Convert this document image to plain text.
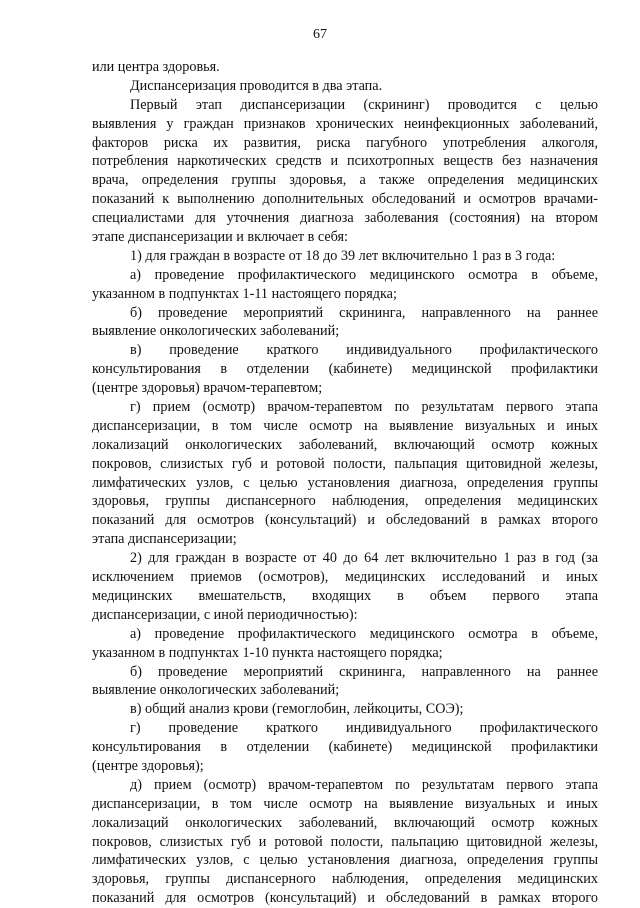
67
или центра здоровья.
Диспансеризация проводится в два этапа.
Первый этап диспансеризации (скрининг) проводится с целью
выявления у граждан признаков хронических неинфекционных заболеваний,
факторов риска их развития, риска пагубного употребления алкоголя,
потребления наркотических средств и психотропных веществ без назначения
врача, определения группы здоровья, а также определения медицинских
показаний к выполнению дополнительных обследований и осмотров врачами-
специалистами для уточнения диагноза заболевания (состояния) на втором
этапе диспансеризации и включает в себя:
1) для граждан в возрасте от 18 до 39 лет включительно 1 раз в 3 года:
а) проведение профилактического медицинского осмотра в объеме,
указанном в подпунктах 1-11 настоящего порядка;
б) проведение мероприятий скрининга, направленного на раннее
выявление онкологических заболеваний;
в) проведение краткого индивидуального профилактического
консультирования в отделении (кабинете) медицинской профилактики
(центре здоровья) врачом-терапевтом;
г) прием (осмотр) врачом-терапевтом по результатам первого этапа
диспансеризации, в том числе осмотр на выявление визуальных и иных
локализаций онкологических заболеваний, включающий осмотр кожных
покровов, слизистых губ и ротовой полости, пальпация щитовидной железы,
лимфатических узлов, с целью установления диагноза, определения группы
здоровья, группы диспансерного наблюдения, определения медицинских
показаний для осмотров (консультаций) и обследований в рамках второго
этапа диспансеризации;
2) для граждан в возрасте от 40 до 64 лет включительно 1 раз в год (за
исключением приемов (осмотров), медицинских исследований и иных
медицинских вмешательств, входящих в объем первого этапа
диспансеризации, с иной периодичностью):
а) проведение профилактического медицинского осмотра в объеме,
указанном в подпунктах 1-10 пункта настоящего порядка;
б) проведение мероприятий скрининга, направленного на раннее
выявление онкологических заболеваний;
в) общий анализ крови (гемоглобин, лейкоциты, СОЭ);
г) проведение краткого индивидуального профилактического
консультирования в отделении (кабинете) медицинской профилактики
(центре здоровья);
д) прием (осмотр) врачом-терапевтом по результатам первого этапа
диспансеризации, в том числе осмотр на выявление визуальных и иных
локализаций онкологических заболеваний, включающий осмотр кожных
покровов, слизистых губ и ротовой полости, пальпацию щитовидной железы,
лимфатических узлов, с целью установления диагноза, определения группы
здоровья, группы диспансерного наблюдения, определения медицинских
показаний для осмотров (консультаций) и обследований в рамках второго
